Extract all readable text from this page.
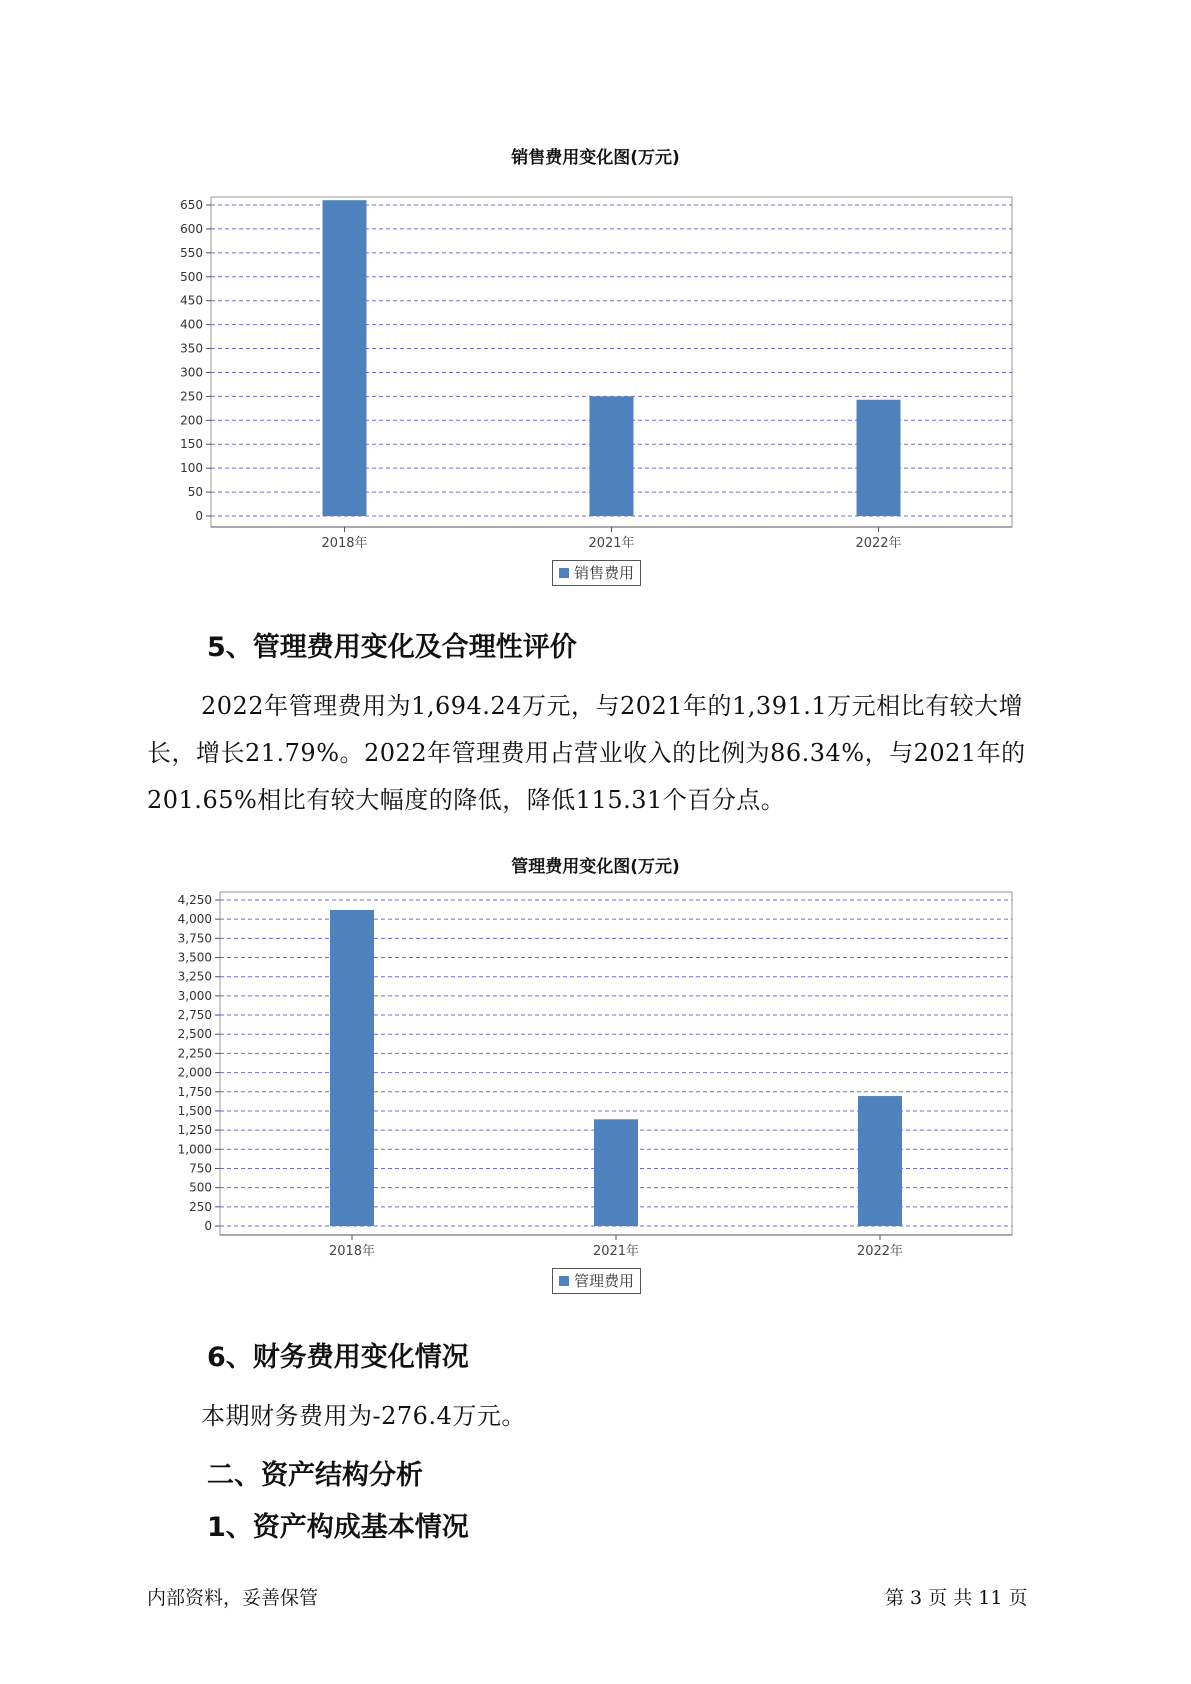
销售费用变化图(万元)
0
50
100
150
200
250
300
350
400
450
500
550
600
650
2018年	2021年	2022年
销售费用
5、管理费用变化及合理性评价
2022年管理费用为1,694.24万元，与2021年的1,391.1万元相比有较大增长，增长21.79%。2022年管理费用占营业收入的比例为86.34%，与2021年的201.65%相比有较大幅度的降低，降低115.31个百分点。
管理费用变化图(万元)
0
250
500
750
1,000
1,250
1,500
1,750
2,000
2,250
2,500
2,750
3,000
3,250
3,500
3,750
4,000
4,250
2018年	2021年	2022年
管理费用
6、财务费用变化情况
本期财务费用为-276.4万元。
二、资产结构分析
1、资产构成基本情况
内部资料，妥善保管	第 3 页 共 11 页
